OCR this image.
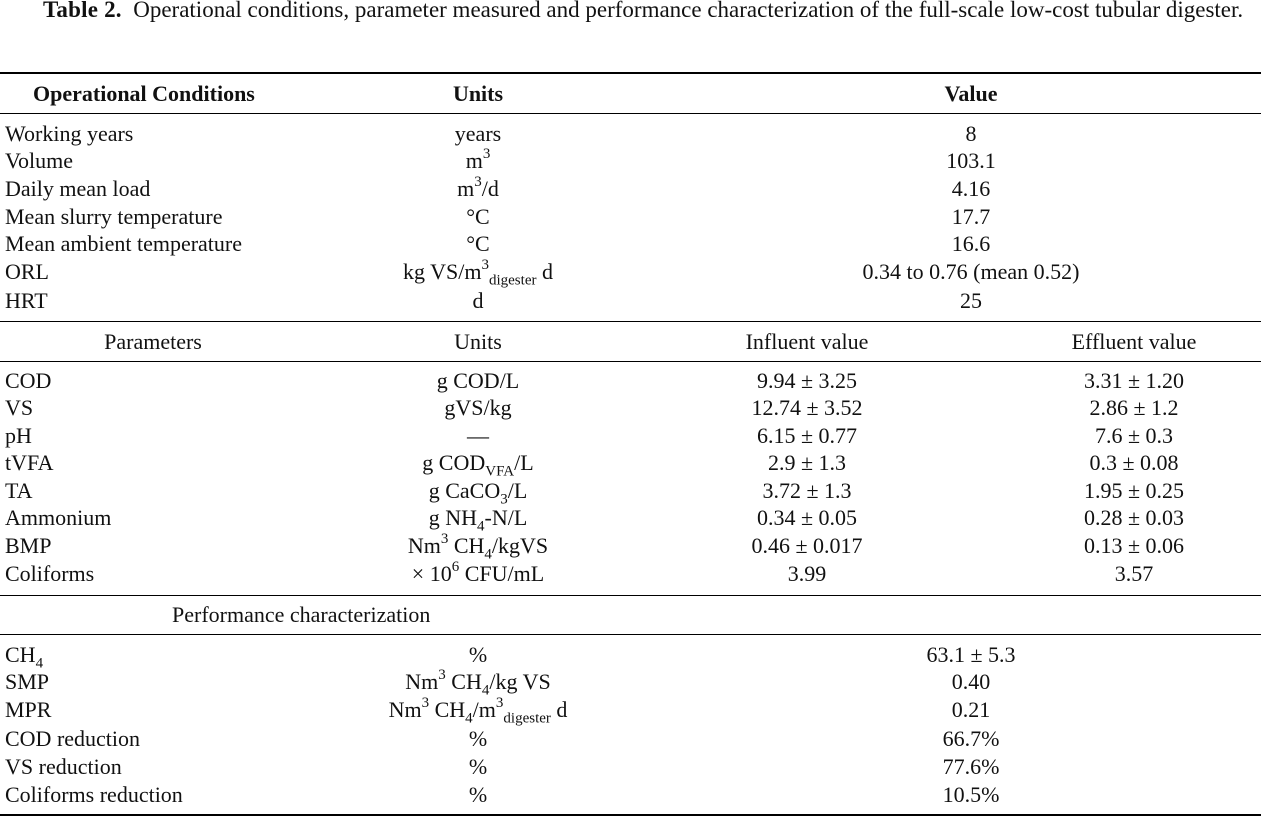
Table 2. Operational conditions, parameter measured and performance characterization of the full-scale low-cost tubular digester.
Operational Conditions	Units	Value
Working years	years	8
Volume	$m^3$	103.1
Daily mean load	$m^3/d$	4.16
Mean slurry temperature	°C	17.7
Mean ambient temperature	°C	16.6
ORL	kg $VS/m^3_{digester}$ d	0.34 to 0.76 (mean 0.52)
HRT	d	25
Parameters	Units	Influent value	Effluent value
COD	g COD/L	9.94 ± 3.25	3.31 ± 1.20
VS	gVS/kg	12.74 ± 3.52	2.86 ± 1.2
pH	—	6.15 ± 0.77	7.6 ± 0.3
tVFA	g $COD_{VFA}/L$	2.9 ± 1.3	0.3 ± 0.08
TA	g CaCO$_3$/L	3.72 ± 1.3	1.95 ± 0.25
Ammonium	g $NH_4-N/L$	0.34 ± 0.05	0.28 ± 0.03
BMP	Nm$^3$ $CH_4$/kgVS	0.46 ± 0.017	0.13 ± 0.06
Coliforms	× $10^6$ CFU/mL	3.99	3.57
Performance characterization
$CH_4$	%	63.1 ± 5.3
SMP	Nm$^3$ $CH_4/kg$ VS	0.40
MPR	Nm$^3$ $CH_4/m^3_{digester}$ d	0.21
COD reduction	%	66.7%
VS reduction	%	77.6%
Coliforms reduction	%	10.5%
